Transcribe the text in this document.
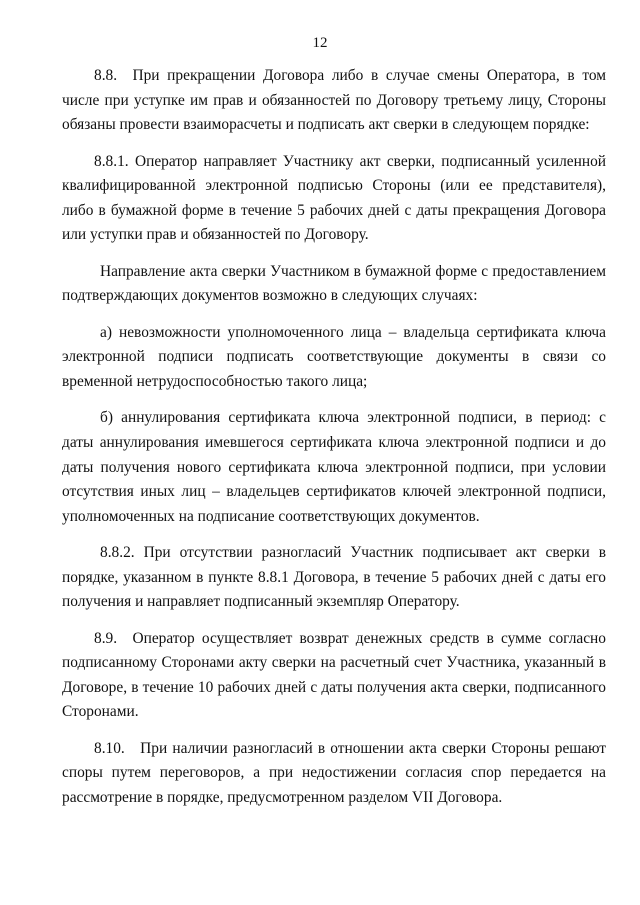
12

8.8. При прекращении Договора либо в случае смены Оператора, в том числе при уступке им прав и обязанностей по Договору третьему лицу, Стороны обязаны провести взаиморасчеты и подписать акт сверки в следующем порядке:

8.8.1. Оператор направляет Участнику акт сверки, подписанный усиленной квалифицированной электронной подписью Стороны (или ее представителя), либо в бумажной форме в течение 5 рабочих дней с даты прекращения Договора или уступки прав и обязанностей по Договору.

Направление акта сверки Участником в бумажной форме с предоставлением подтверждающих документов возможно в следующих случаях:

а) невозможности уполномоченного лица – владельца сертификата ключа электронной подписи подписать соответствующие документы в связи со временной нетрудоспособностью такого лица;

б) аннулирования сертификата ключа электронной подписи, в период: с даты аннулирования имевшегося сертификата ключа электронной подписи и до даты получения нового сертификата ключа электронной подписи, при условии отсутствия иных лиц – владельцев сертификатов ключей электронной подписи, уполномоченных на подписание соответствующих документов.

8.8.2. При отсутствии разногласий Участник подписывает акт сверки в порядке, указанном в пункте 8.8.1 Договора, в течение 5 рабочих дней с даты его получения и направляет подписанный экземпляр Оператору.

8.9. Оператор осуществляет возврат денежных средств в сумме согласно подписанному Сторонами акту сверки на расчетный счет Участника, указанный в Договоре, в течение 10 рабочих дней с даты получения акта сверки, подписанного Сторонами.

8.10. При наличии разногласий в отношении акта сверки Стороны решают споры путем переговоров, а при недостижении согласия спор передается на рассмотрение в порядке, предусмотренном разделом VII Договора.
